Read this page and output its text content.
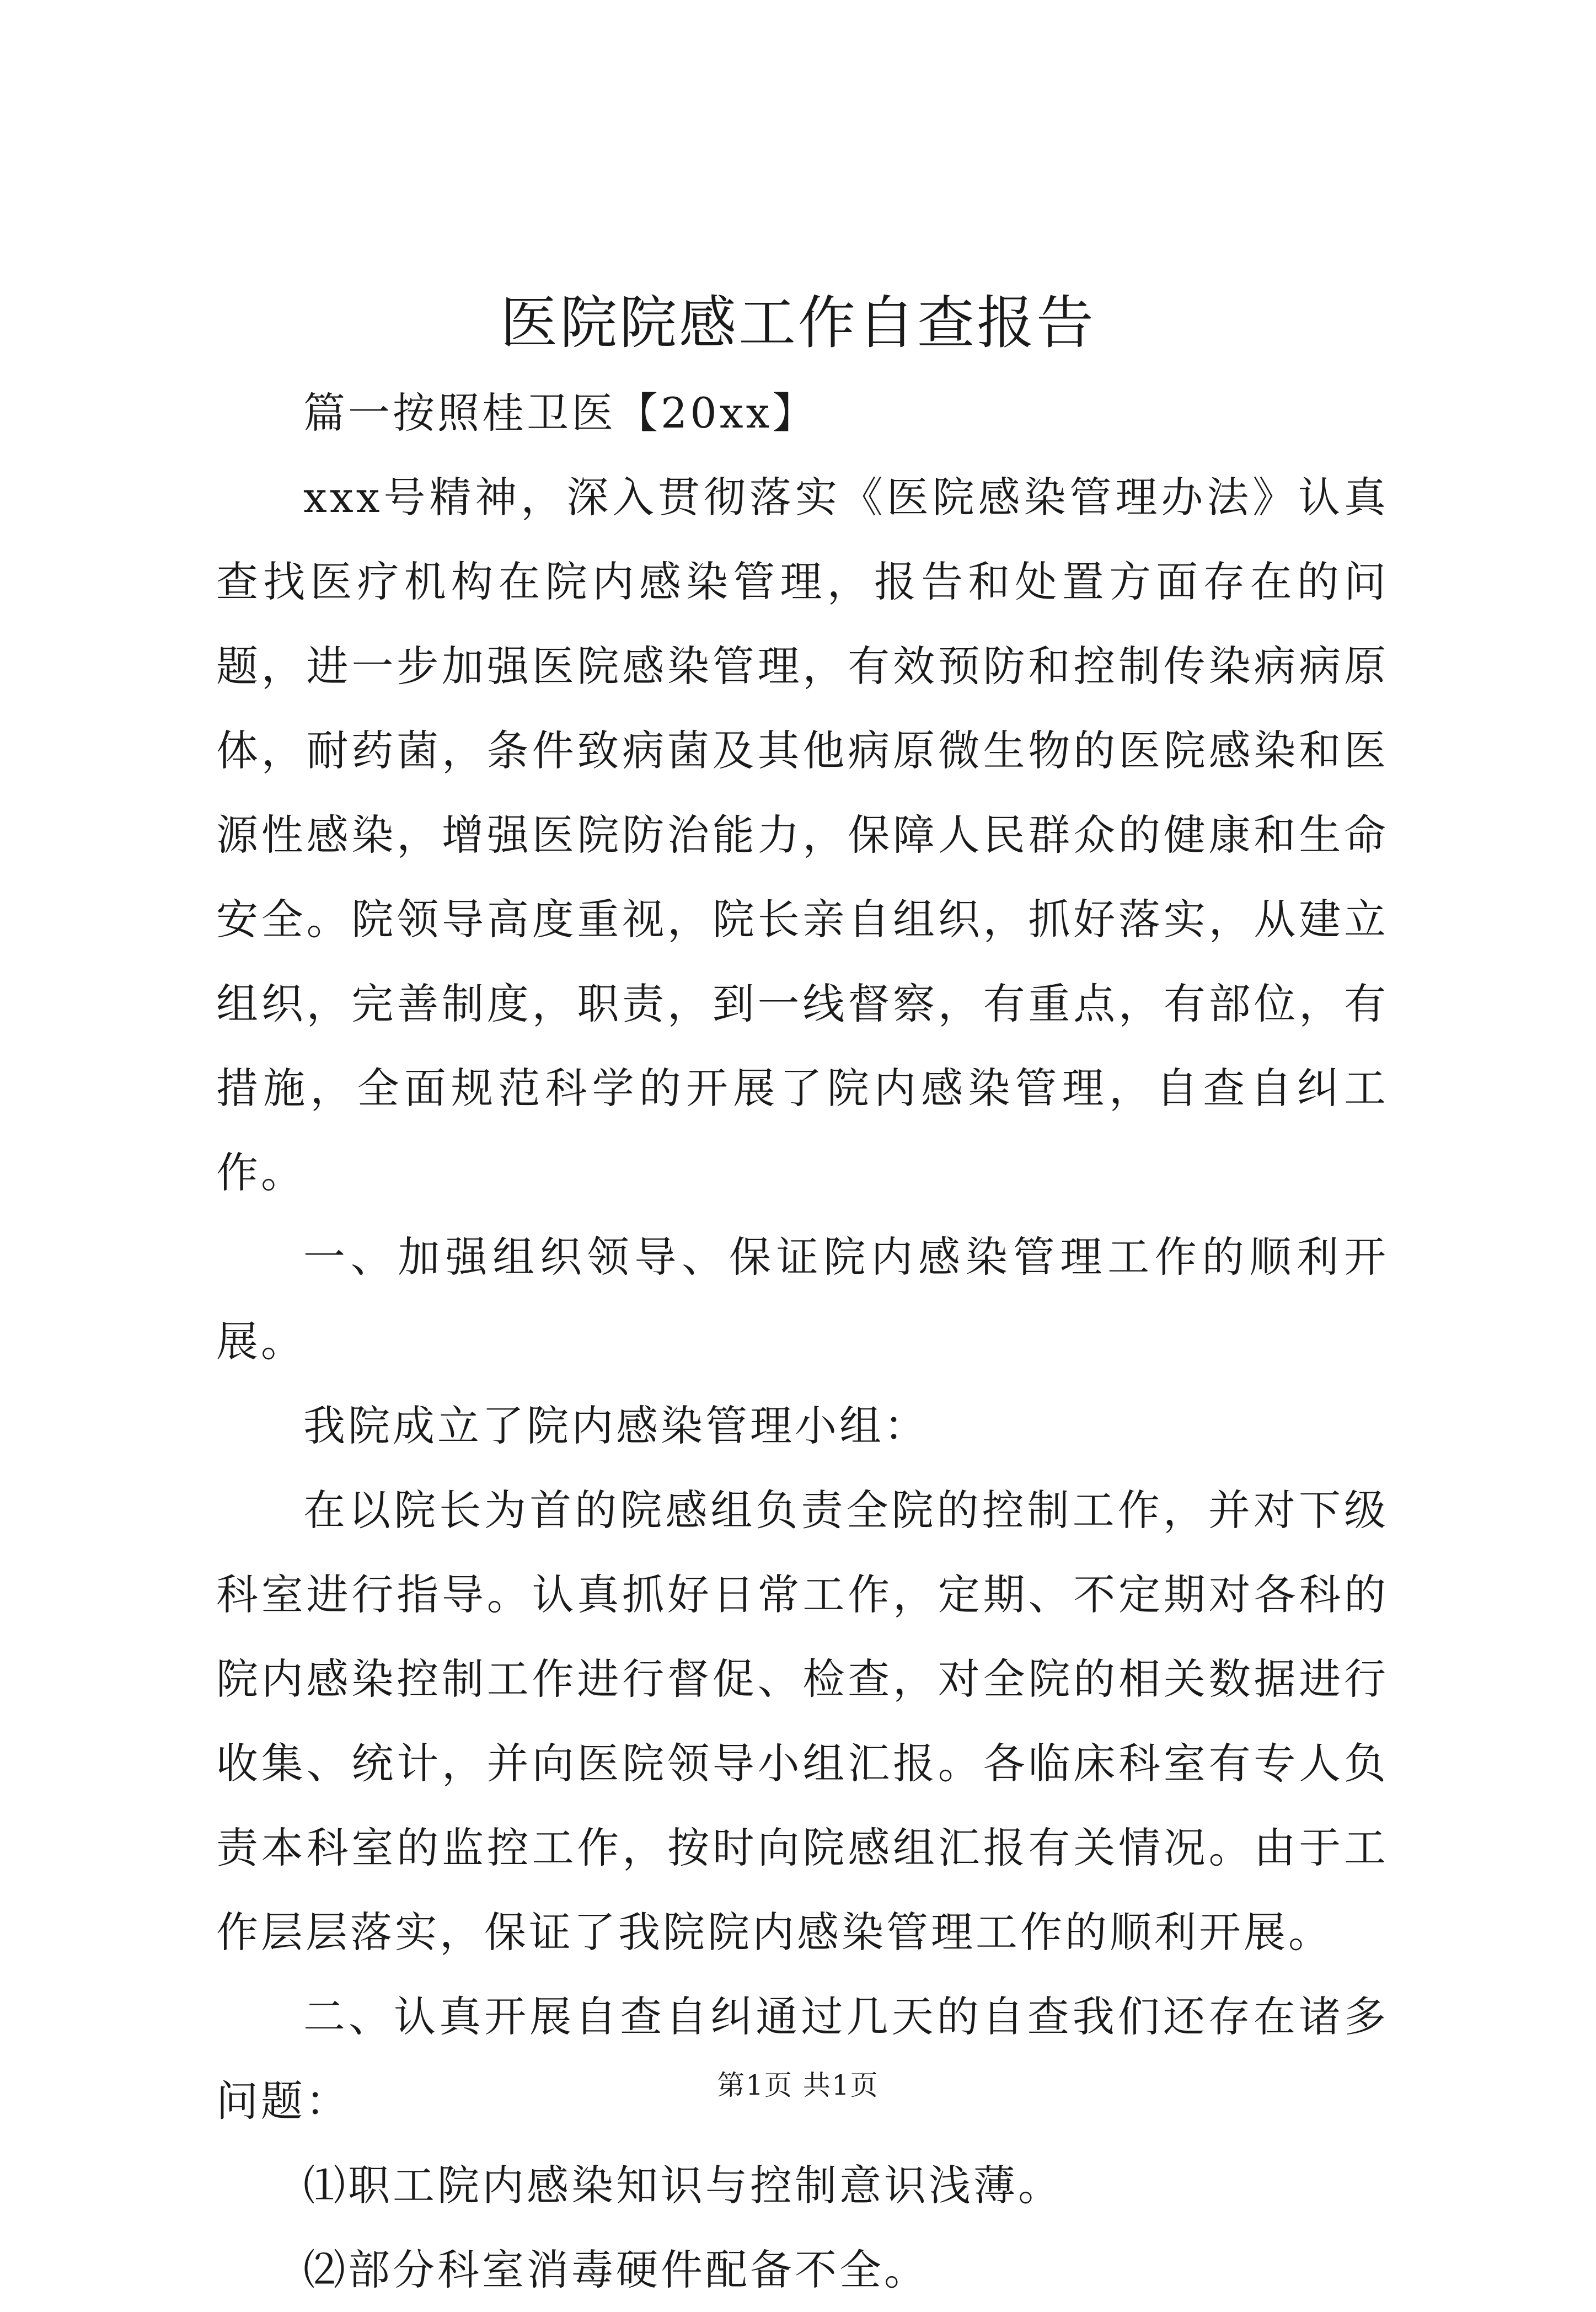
医院院感工作自查报告

篇一按照桂卫医【20xx】

xxx号精神，深入贯彻落实《医院感染管理办法》认真查找医疗机构在院内感染管理，报告和处置方面存在的问题，进一步加强医院感染管理，有效预防和控制传染病病原体，耐药菌，条件致病菌及其他病原微生物的医院感染和医源性感染，增强医院防治能力，保障人民群众的健康和生命安全。院领导高度重视，院长亲自组织，抓好落实，从建立组织，完善制度，职责，到一线督察，有重点，有部位，有措施，全面规范科学的开展了院内感染管理，自查自纠工作。

一、加强组织领导、保证院内感染管理工作的顺利开展。

我院成立了院内感染管理小组：

在以院长为首的院感组负责全院的控制工作，并对下级科室进行指导。认真抓好日常工作，定期、不定期对各科的院内感染控制工作进行督促、检查，对全院的相关数据进行收集、统计，并向医院领导小组汇报。各临床科室有专人负责本科室的监控工作，按时向院感组汇报有关情况。由于工作层层落实，保证了我院院内感染管理工作的顺利开展。

二、认真开展自查自纠通过几天的自查我们还存在诸多问题：

⑴职工院内感染知识与控制意识浅薄。

⑵部分科室消毒硬件配备不全。

第1页 共1页
